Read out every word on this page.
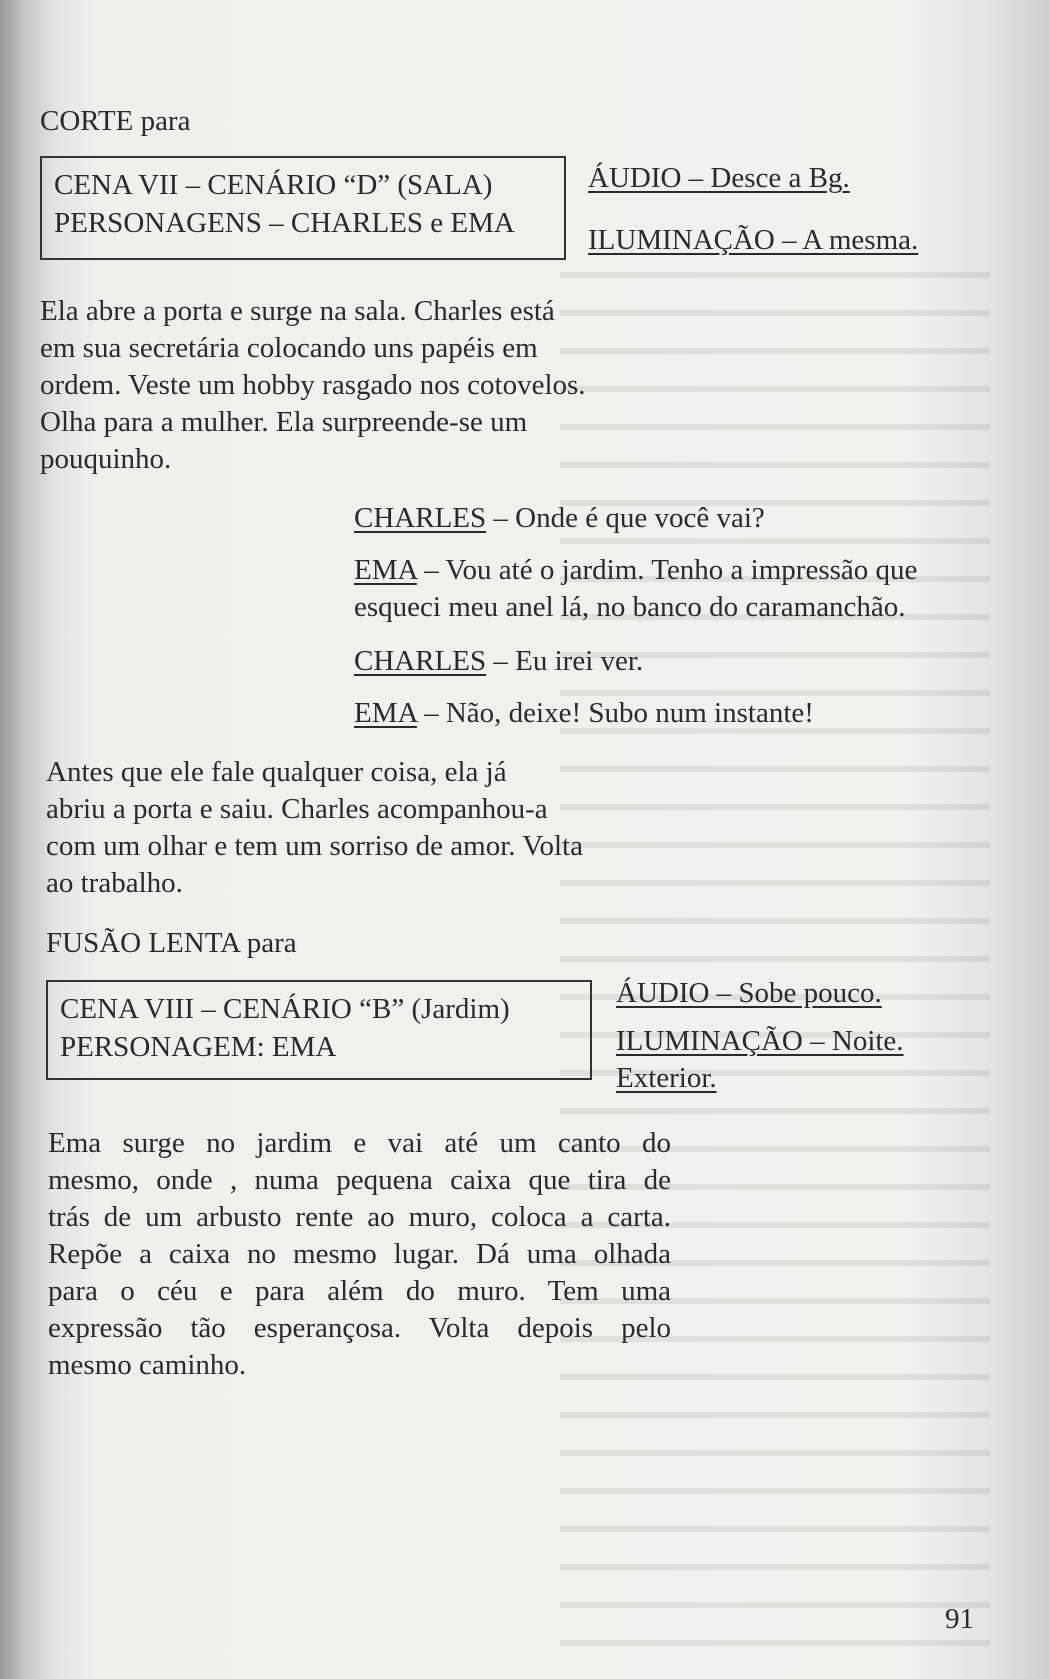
CORTE para
CENA VII – CENÁRIO “D” (SALA)
PERSONAGENS – CHARLES e EMA
ÁUDIO – Desce a Bg.
ILUMINAÇÃO – A mesma.
Ela abre a porta e surge na sala. Charles está
em sua secretária colocando uns papéis em
ordem. Veste um hobby rasgado nos cotovelos.
Olha para a mulher. Ela surpreende-se um
pouquinho.
CHARLES – Onde é que você vai?
EMA – Vou até o jardim. Tenho a impressão que
esqueci meu anel lá, no banco do caramanchão.
CHARLES – Eu irei ver.
EMA – Não, deixe! Subo num instante!
Antes que ele fale qualquer coisa, ela já
abriu a porta e saiu. Charles acompanhou-a
com um olhar e tem um sorriso de amor. Volta
ao trabalho.
FUSÃO LENTA para
CENA VIII – CENÁRIO “B” (Jardim)
PERSONAGEM: EMA
ÁUDIO – Sobe pouco.
ILUMINAÇÃO – Noite.
Exterior.
Ema surge no jardim e vai até um canto do
mesmo, onde , numa pequena caixa que tira de
trás de um arbusto rente ao muro, coloca a carta.
Repõe a caixa no mesmo lugar. Dá uma olhada
para o céu e para além do muro. Tem uma
expressão tão esperançosa. Volta depois pelo
mesmo caminho.
91
